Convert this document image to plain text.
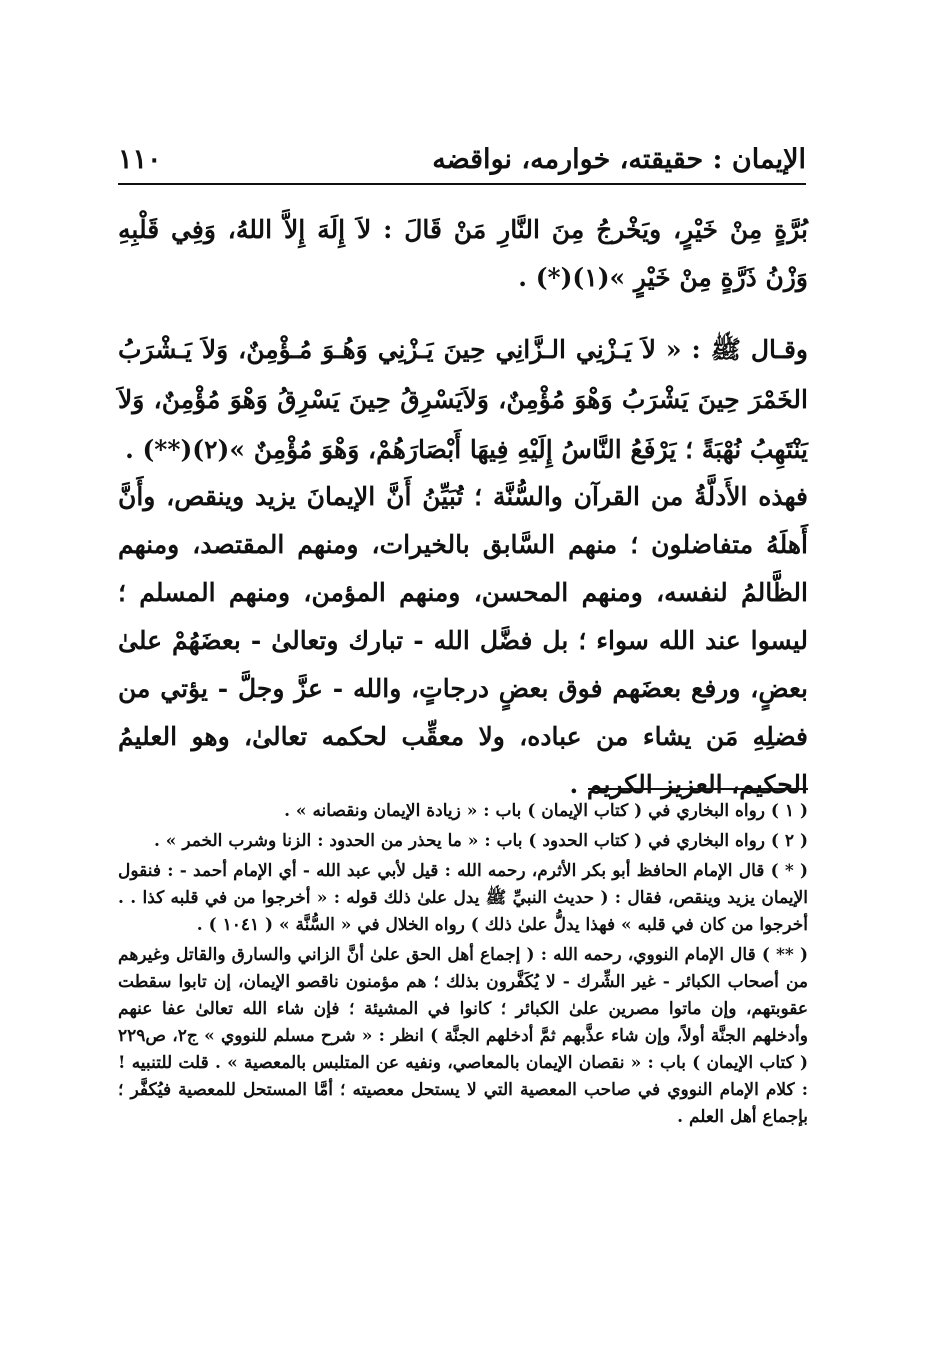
الإيمان : حقيقته، خوارمه، نواقضه
١١٠

بُرَّةٍ مِنْ خَيْرٍ، ويَخْرجُ مِنَ النَّارِ مَنْ قَالَ : لاَ إِلَهَ إِلاَّ اللهُ، وَفِي قَلْبِهِ وَزْنُ ذَرَّةٍ مِنْ خَيْرٍ »(١)(*) .

وقـال ﷺ : « لاَ يَـزْنِي الـزَّانِي حِينَ يَـزْنِي وَهُـوَ مُـؤْمِنٌ، وَلاَ يَـشْرَبُ الخَمْرَ حِينَ يَشْرَبُ وَهْوَ مُؤْمِنٌ، وَلاَيَسْرِقُ حِينَ يَسْرِقُ وَهْوَ مُؤْمِنٌ، وَلاَ يَنْتَهِبُ نُهْبَةً ؛ يَرْفَعُ النَّاسُ إِلَيْهِ فِيهَا أَبْصَارَهُمْ، وَهْوَ مُؤْمِنٌ »(٢)(**) .

فهذه الأَدلَّةُ من القرآن والسُّنَّة ؛ تُبَيِّنُ أَنَّ الإيمانَ يزيد وينقص، وأَنَّ أَهلَهُ متفاضلون ؛ منهم السَّابق بالخيرات، ومنهم المقتصد، ومنهم الظَّالمُ لنفسه، ومنهم المحسن، ومنهم المؤمن، ومنهم المسلم ؛ ليسوا عند الله سواء ؛ بل فضَّل الله - تبارك وتعالىٰ - بعضَهُمْ علىٰ بعضٍ، ورفع بعضَهم فوق بعضٍ درجاتٍ، والله - عزَّ وجلَّ - يؤتي من فضلِهِ مَن يشاء من عباده، ولا معقِّب لحكمه تعالىٰ، وهو العليمُ الحكيم، العزيز الكريم .

( ١ ) رواه البخاري في ( كتاب الإيمان ) باب : « زيادة الإيمان ونقصانه » .

( ٢ ) رواه البخاري في ( كتاب الحدود ) باب : « ما يحذر من الحدود : الزنا وشرب الخمر » .

( * ) قال الإمام الحافظ أبو بكر الأثرم، رحمه الله : قيل لأبي عبد الله - أي الإمام أحمد - : فنقول الإيمان يزيد وينقص، فقال : ( حديث النبيِّ ﷺ يدل علىٰ ذلك قوله : « أخرجوا من في قلبه كذا . . أخرجوا من كان في قلبه » فهذا يدلُّ علىٰ ذلك ) رواه الخلال في « السُّنَّة » ( ١٠٤١ ) .

( ** ) قال الإمام النووي، رحمه الله : ( إجماع أهل الحق علىٰ أنَّ الزاني والسارق والقاتل وغيرهم من أصحاب الكبائر - غير الشِّرك - لا يُكَفَّرون بذلك ؛ هم مؤمنون ناقصو الإيمان، إن تابوا سقطت عقوبتهم، وإن ماتوا مصرين علىٰ الكبائر ؛ كانوا في المشيئة ؛ فإن شاء الله تعالىٰ عفا عنهم وأدخلهم الجنَّة أولاً، وإن شاء عذَّبهم ثمَّ أدخلهم الجنَّة ) انظر : « شرح مسلم للنووي » ج٢، ص٢٢٩ ( كتاب الإيمان ) باب : « نقصان الإيمان بالمعاصي، ونفيه عن المتلبس بالمعصية » . قلت للتنبيه ! : كلام الإمام النووي في صاحب المعصية التي لا يستحل معصيته ؛ أمَّا المستحل للمعصية فيُكفَّر ؛ بإجماع أهل العلم .
